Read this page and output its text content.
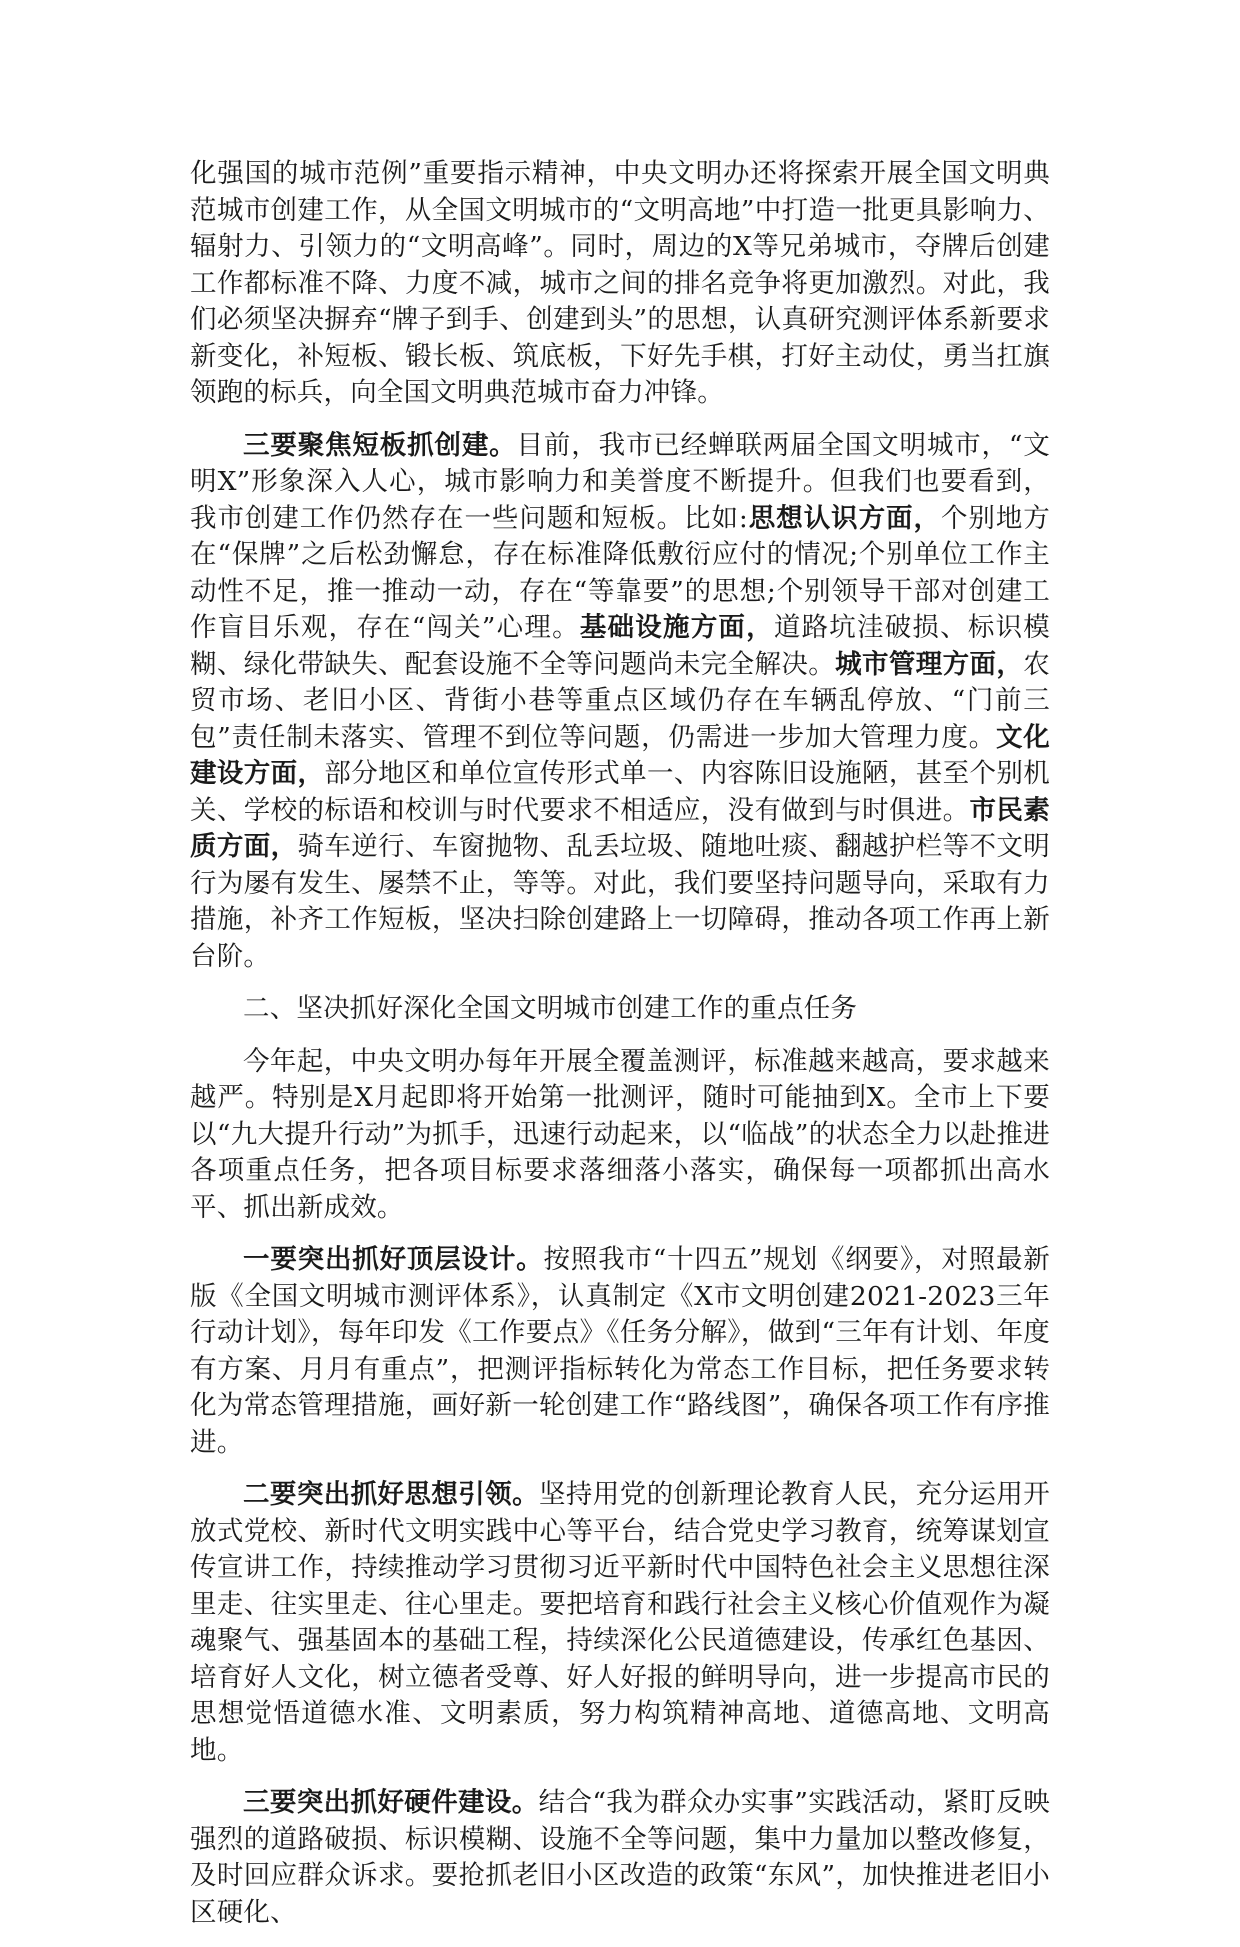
化强国的城市范例”重要指示精神，中央文明办还将探索开展全国文明典范城市创建工作，从全国文明城市的“文明高地”中打造一批更具影响力、辐射力、引领力的“文明高峰”。同时，周边的X等兄弟城市，夺牌后创建工作都标准不降、力度不减，城市之间的排名竞争将更加激烈。对此，我们必须坚决摒弃“牌子到手、创建到头”的思想，认真研究测评体系新要求新变化，补短板、锻长板、筑底板，下好先手棋，打好主动仗，勇当扛旗领跑的标兵，向全国文明典范城市奋力冲锋。

三要聚焦短板抓创建。目前，我市已经蝉联两届全国文明城市，“文明X”形象深入人心，城市影响力和美誉度不断提升。但我们也要看到，我市创建工作仍然存在一些问题和短板。比如:思想认识方面，个别地方在“保牌”之后松劲懈怠，存在标准降低敷衍应付的情况;个别单位工作主动性不足，推一推动一动，存在“等靠要”的思想;个别领导干部对创建工作盲目乐观，存在“闯关”心理。基础设施方面，道路坑洼破损、标识模糊、绿化带缺失、配套设施不全等问题尚未完全解决。城市管理方面，农贸市场、老旧小区、背街小巷等重点区域仍存在车辆乱停放、“门前三包”责任制未落实、管理不到位等问题，仍需进一步加大管理力度。文化建设方面，部分地区和单位宣传形式单一、内容陈旧设施陋，甚至个别机关、学校的标语和校训与时代要求不相适应，没有做到与时俱进。市民素质方面，骑车逆行、车窗抛物、乱丢垃圾、随地吐痰、翻越护栏等不文明行为屡有发生、屡禁不止，等等。对此，我们要坚持问题导向，采取有力措施，补齐工作短板，坚决扫除创建路上一切障碍，推动各项工作再上新台阶。

二、坚决抓好深化全国文明城市创建工作的重点任务

今年起，中央文明办每年开展全覆盖测评，标准越来越高，要求越来越严。特别是X月起即将开始第一批测评，随时可能抽到X。全市上下要以“九大提升行动”为抓手，迅速行动起来，以“临战”的状态全力以赴推进各项重点任务，把各项目标要求落细落小落实，确保每一项都抓出高水平、抓出新成效。

一要突出抓好顶层设计。按照我市“十四五”规划《纲要》，对照最新版《全国文明城市测评体系》，认真制定《X市文明创建2021-2023三年行动计划》，每年印发《工作要点》《任务分解》，做到“三年有计划、年度有方案、月月有重点”，把测评指标转化为常态工作目标，把任务要求转化为常态管理措施，画好新一轮创建工作“路线图”，确保各项工作有序推进。

二要突出抓好思想引领。坚持用党的创新理论教育人民，充分运用开放式党校、新时代文明实践中心等平台，结合党史学习教育，统筹谋划宣传宣讲工作，持续推动学习贯彻习近平新时代中国特色社会主义思想往深里走、往实里走、往心里走。要把培育和践行社会主义核心价值观作为凝魂聚气、强基固本的基础工程，持续深化公民道德建设，传承红色基因、培育好人文化，树立德者受尊、好人好报的鲜明导向，进一步提高市民的思想觉悟道德水准、文明素质，努力构筑精神高地、道德高地、文明高地。

三要突出抓好硬件建设。结合“我为群众办实事”实践活动，紧盯反映强烈的道路破损、标识模糊、设施不全等问题，集中力量加以整改修复，及时回应群众诉求。要抢抓老旧小区改造的政策“东风”，加快推进老旧小区硬化、
